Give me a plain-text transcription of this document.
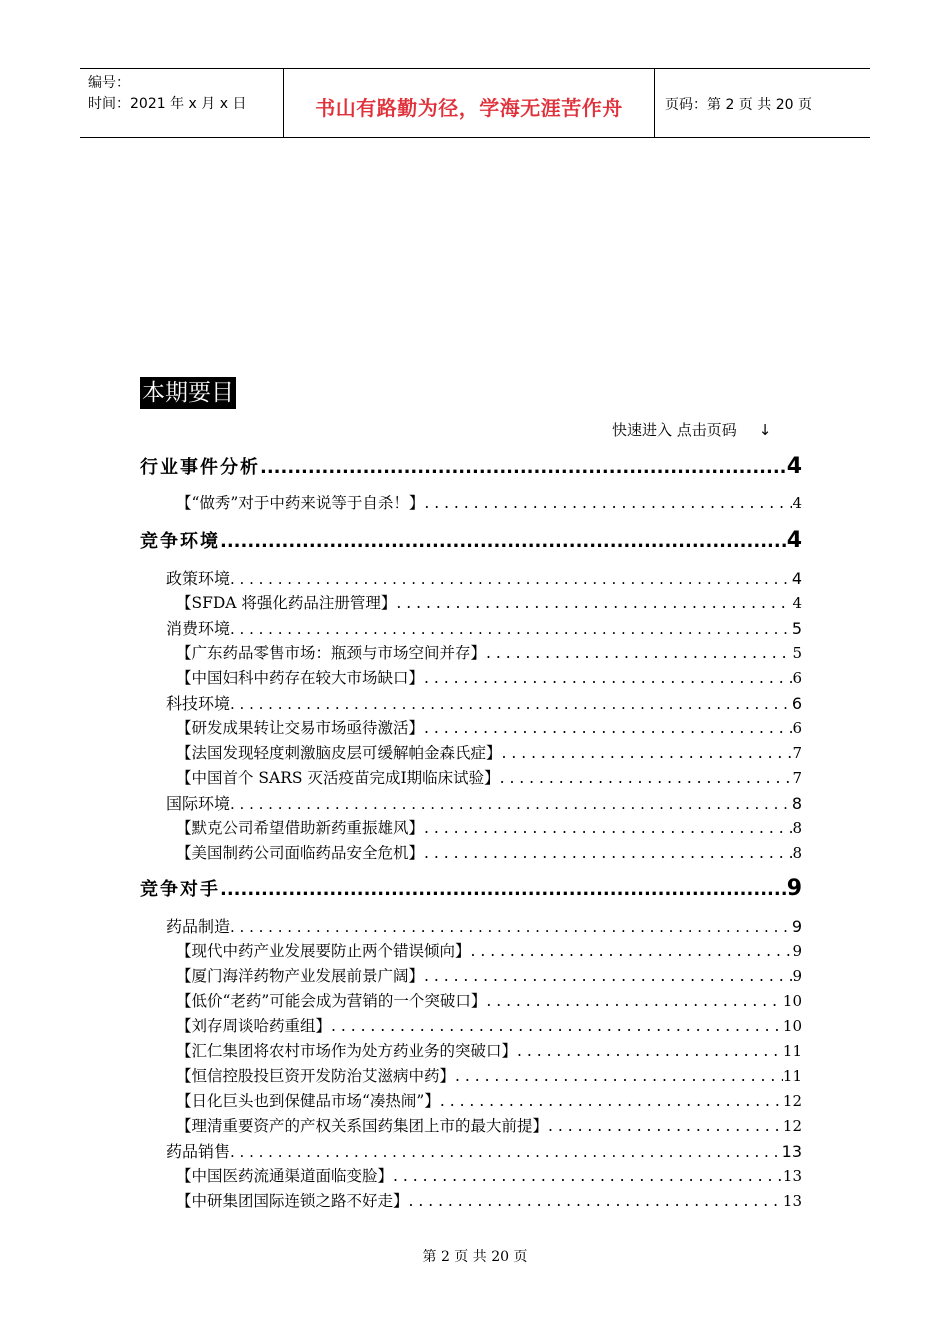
编号：
时间：2021 年 x 月 x 日	书山有路勤为径，学海无涯苦作舟	页码：第 2 页 共 20 页
本期要目
快速进入 点击页码 ↓
行业事件分析 .....	4
【“做秀”对于中药来说等于自杀！】 . . .	4
竞争环境 .....	4
政策环境 . . .	4
【SFDA 将强化药品注册管理】 . . .	4
消费环境 . . .	5
【广东药品零售市场：瓶颈与市场空间并存】 . . .	5
【中国妇科中药存在较大市场缺口】 . . .	6
科技环境 . . .	6
【研发成果转让交易市场亟待激活】 . . .	6
【法国发现轻度刺激脑皮层可缓解帕金森氏症】 . . .	7
【中国首个 SARS 灭活疫苗完成Ⅰ期临床试验】 . . .	7
国际环境 . . .	8
【默克公司希望借助新药重振雄风】 . . .	8
【美国制药公司面临药品安全危机】 . . .	8
竞争对手 .....	9
药品制造 . . .	9
【现代中药产业发展要防止两个错误倾向】 . . .	9
【厦门海洋药物产业发展前景广阔】 . . .	9
【低价“老药”可能会成为营销的一个突破口】 . . .	10
【刘存周谈哈药重组】 . . .	10
【汇仁集团将农村市场作为处方药业务的突破口】 . . .	11
【恒信控股投巨资开发防治艾滋病中药】 . . .	11
【日化巨头也到保健品市场“凑热闹”】 . . .	12
【理清重要资产的产权关系国药集团上市的最大前提】 . . .	12
药品销售 . . .	13
【中国医药流通渠道面临变脸】 . . .	13
【中研集团国际连锁之路不好走】 . . .	13
第 2 页 共 20 页
